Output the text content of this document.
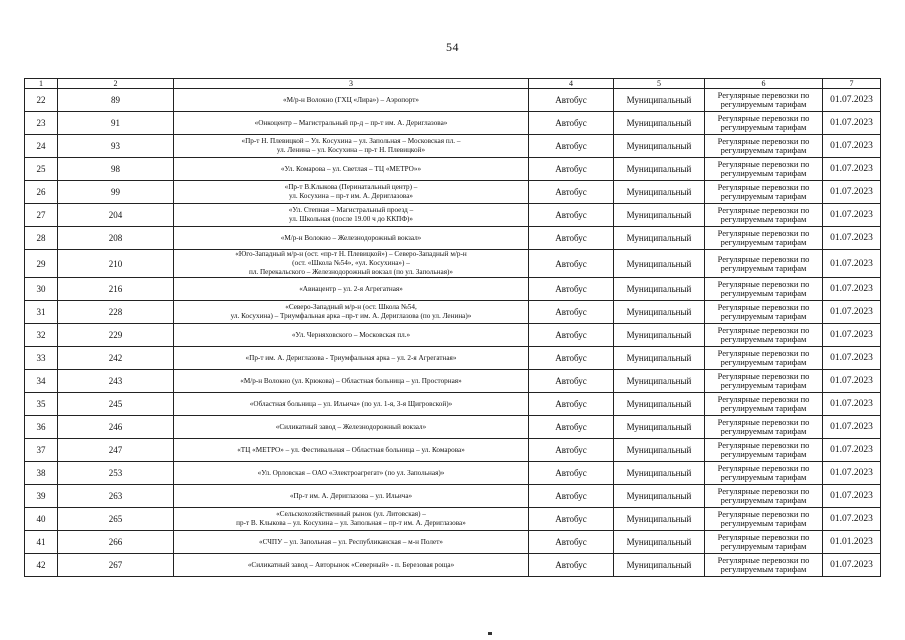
54
1	2	3	4	5	6	7
22	89	«М/р-н Волокно (ГХЦ «Лира») – Аэропорт»	Автобус	Муниципальный	Регулярные перевозки по регулируемым тарифам	01.07.2023
23	91	«Онкоцентр – Магистральный пр-д – пр-т им. А. Дериглазова»	Автобус	Муниципальный	Регулярные перевозки по регулируемым тарифам	01.07.2023
24	93	«Пр-т Н. Плевицкой – Ул. Косухина – ул. Запольная – Московская пл. –
ул. Ленина – ул. Косухина – пр-т Н. Плевицкой»	Автобус	Муниципальный	Регулярные перевозки по регулируемым тарифам	01.07.2023
25	98	«Ул. Комарова – ул. Светлая – ТЦ «МЕТРО»»	Автобус	Муниципальный	Регулярные перевозки по регулируемым тарифам	01.07.2023
26	99	«Пр-т В.Клыкова (Перинатальный центр) –
ул. Косухина – пр-т им. А. Дериглазова»	Автобус	Муниципальный	Регулярные перевозки по регулируемым тарифам	01.07.2023
27	204	«Ул. Степная – Магистральный проезд –
ул. Школьная (после 19.00 ч до ККПФ)»	Автобус	Муниципальный	Регулярные перевозки по регулируемым тарифам	01.07.2023
28	208	«М/р-н Волокно – Железнодорожный вокзал»	Автобус	Муниципальный	Регулярные перевозки по регулируемым тарифам	01.07.2023
29	210	«Юго-Западный м/р-н (ост. «пр-т Н. Плевицкой») – Северо-Западный м/р-н
(ост. «Школа №54», «ул. Косухина») –
пл. Перекальского – Железнодорожный вокзал (по ул. Запольная)»	Автобус	Муниципальный	Регулярные перевозки по регулируемым тарифам	01.07.2023
30	216	«Авиацентр – ул. 2-я Агрегатная»	Автобус	Муниципальный	Регулярные перевозки по регулируемым тарифам	01.07.2023
31	228	«Северо-Западный м/р-н (ост. Школа №54,
ул. Косухина) – Триумфальная арка –пр-т им. А. Дериглазова (по ул. Ленина)»	Автобус	Муниципальный	Регулярные перевозки по регулируемым тарифам	01.07.2023
32	229	«Ул. Черняховского – Московская пл.»	Автобус	Муниципальный	Регулярные перевозки по регулируемым тарифам	01.07.2023
33	242	«Пр-т им. А. Дериглазова - Триумфальная арка – ул. 2-я Агрегатная»	Автобус	Муниципальный	Регулярные перевозки по регулируемым тарифам	01.07.2023
34	243	«М/р-н Волокно (ул. Крюкова) – Областная больница – ул. Просторная»	Автобус	Муниципальный	Регулярные перевозки по регулируемым тарифам	01.07.2023
35	245	«Областная больница – ул. Ильича» (по ул. 1-я, 3-я Щигровской)»	Автобус	Муниципальный	Регулярные перевозки по регулируемым тарифам	01.07.2023
36	246	«Силикатный завод – Железнодорожный вокзал»	Автобус	Муниципальный	Регулярные перевозки по регулируемым тарифам	01.07.2023
37	247	«ТЦ «МЕТРО» – ул. Фестивальная – Областная больница – ул. Комарова»	Автобус	Муниципальный	Регулярные перевозки по регулируемым тарифам	01.07.2023
38	253	«Ул. Орловская – ОАО «Электроагрегат» (по ул. Запольная)»	Автобус	Муниципальный	Регулярные перевозки по регулируемым тарифам	01.07.2023
39	263	«Пр-т им. А. Дериглазова – ул. Ильича»	Автобус	Муниципальный	Регулярные перевозки по регулируемым тарифам	01.07.2023
40	265	«Сельскохозяйственный рынок (ул. Литовская) –
пр-т В. Клыкова – ул. Косухина – ул. Запольная – пр-т им. А. Дериглазова»	Автобус	Муниципальный	Регулярные перевозки по регулируемым тарифам	01.07.2023
41	266	«СЧПУ – ул. Запольная – ул. Республиканская – м-н Полет»	Автобус	Муниципальный	Регулярные перевозки по регулируемым тарифам	01.01.2023
42	267	«Силикатный завод – Авторынок «Северный» - п. Березовая роща»	Автобус	Муниципальный	Регулярные перевозки по регулируемым тарифам	01.07.2023
